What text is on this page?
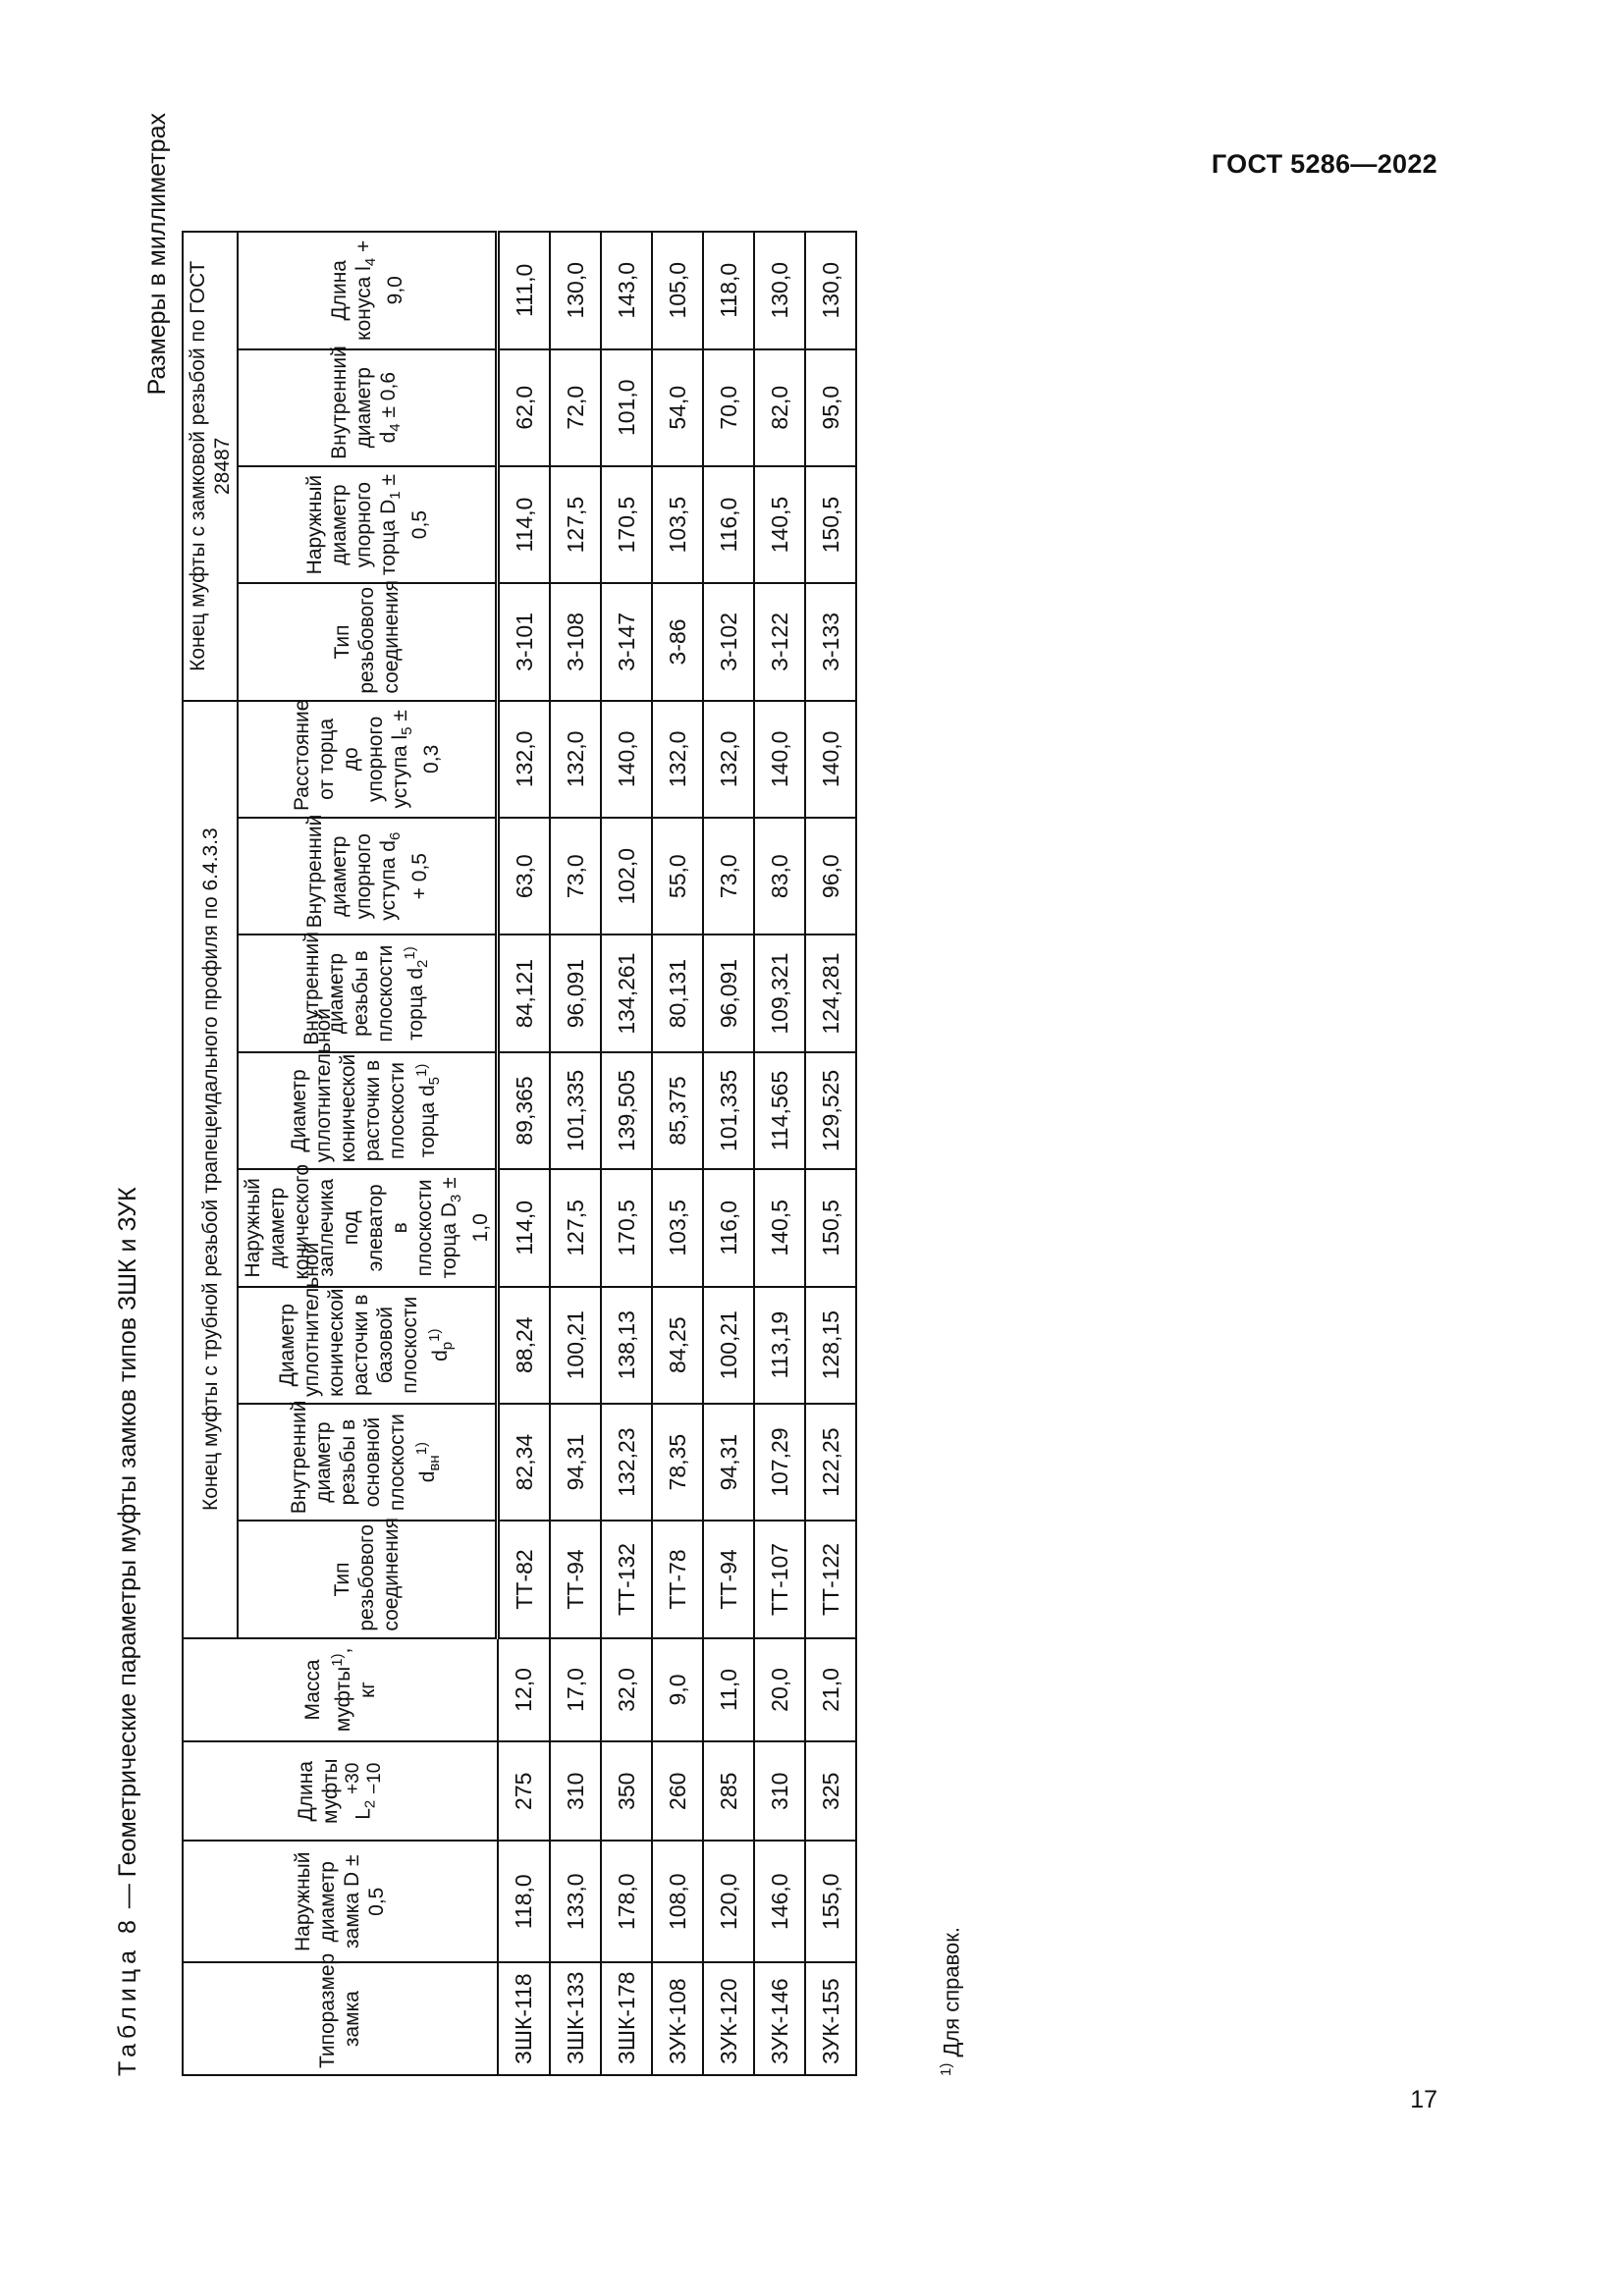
ГОСТ 5286—2022
Таблица 8 — Геометрические параметры муфты замков типов ЗШК и ЗУК
Размеры в миллиметрах
Типоразмер замка	Наружный диаметр замка D ± 0,5	Длина муфты $L_2 +30$
−10	Масса муфты$^{1)}$, кг	Конец муфты с трубной резьбой трапецеидального профиля по 6.4.3.3								Конец муфты с замковой резьбой по ГОСТ 28487			
				Тип резьбового соединения	Внутренний диаметр резьбы в основной плоскости $d_{вн}^{1)}$	Диаметр уплотнительной конической расточки в базовой плоскости $d_р^{1)}$	Наружный диаметр конического заплечика под элеватор в плоскости торца $D_3 \pm 1,0$	Диаметр уплотнительной конической расточки в плоскости торца $d_5^{1)}$	Внутренний диаметр резьбы в плоскости торца $d_2^{1)}$	Внутренний диаметр упорного уступа $d_6 + 0,5$	Расстояние от торца до упорного уступа $l_5 \pm 0,3$	Тип резьбового соединения	Наружный диаметр упорного торца $D_1 \pm 0,5$	Внутренний диаметр $d_4 \pm 0,6$	Длина конуса $l_4 + 9,0$
ЗШК-118	118,0	275	12,0	ТТ-82	82,34	88,24	114,0	89,365	84,121	63,0	132,0	З-101	114,0	62,0	111,0
ЗШК-133	133,0	310	17,0	ТТ-94	94,31	100,21	127,5	101,335	96,091	73,0	132,0	З-108	127,5	72,0	130,0
ЗШК-178	178,0	350	32,0	ТТ-132	132,23	138,13	170,5	139,505	134,261	102,0	140,0	З-147	170,5	101,0	143,0
ЗУК-108	108,0	260	9,0	ТТ-78	78,35	84,25	103,5	85,375	80,131	55,0	132,0	З-86	103,5	54,0	105,0
ЗУК-120	120,0	285	11,0	ТТ-94	94,31	100,21	116,0	101,335	96,091	73,0	132,0	З-102	116,0	70,0	118,0
ЗУК-146	146,0	310	20,0	ТТ-107	107,29	113,19	140,5	114,565	109,321	83,0	140,0	З-122	140,5	82,0	130,0
ЗУК-155	155,0	325	21,0	ТТ-122	122,25	128,15	150,5	129,525	124,281	96,0	140,0	З-133	150,5	95,0	130,0
$^{1)}$ Для справок.
17
